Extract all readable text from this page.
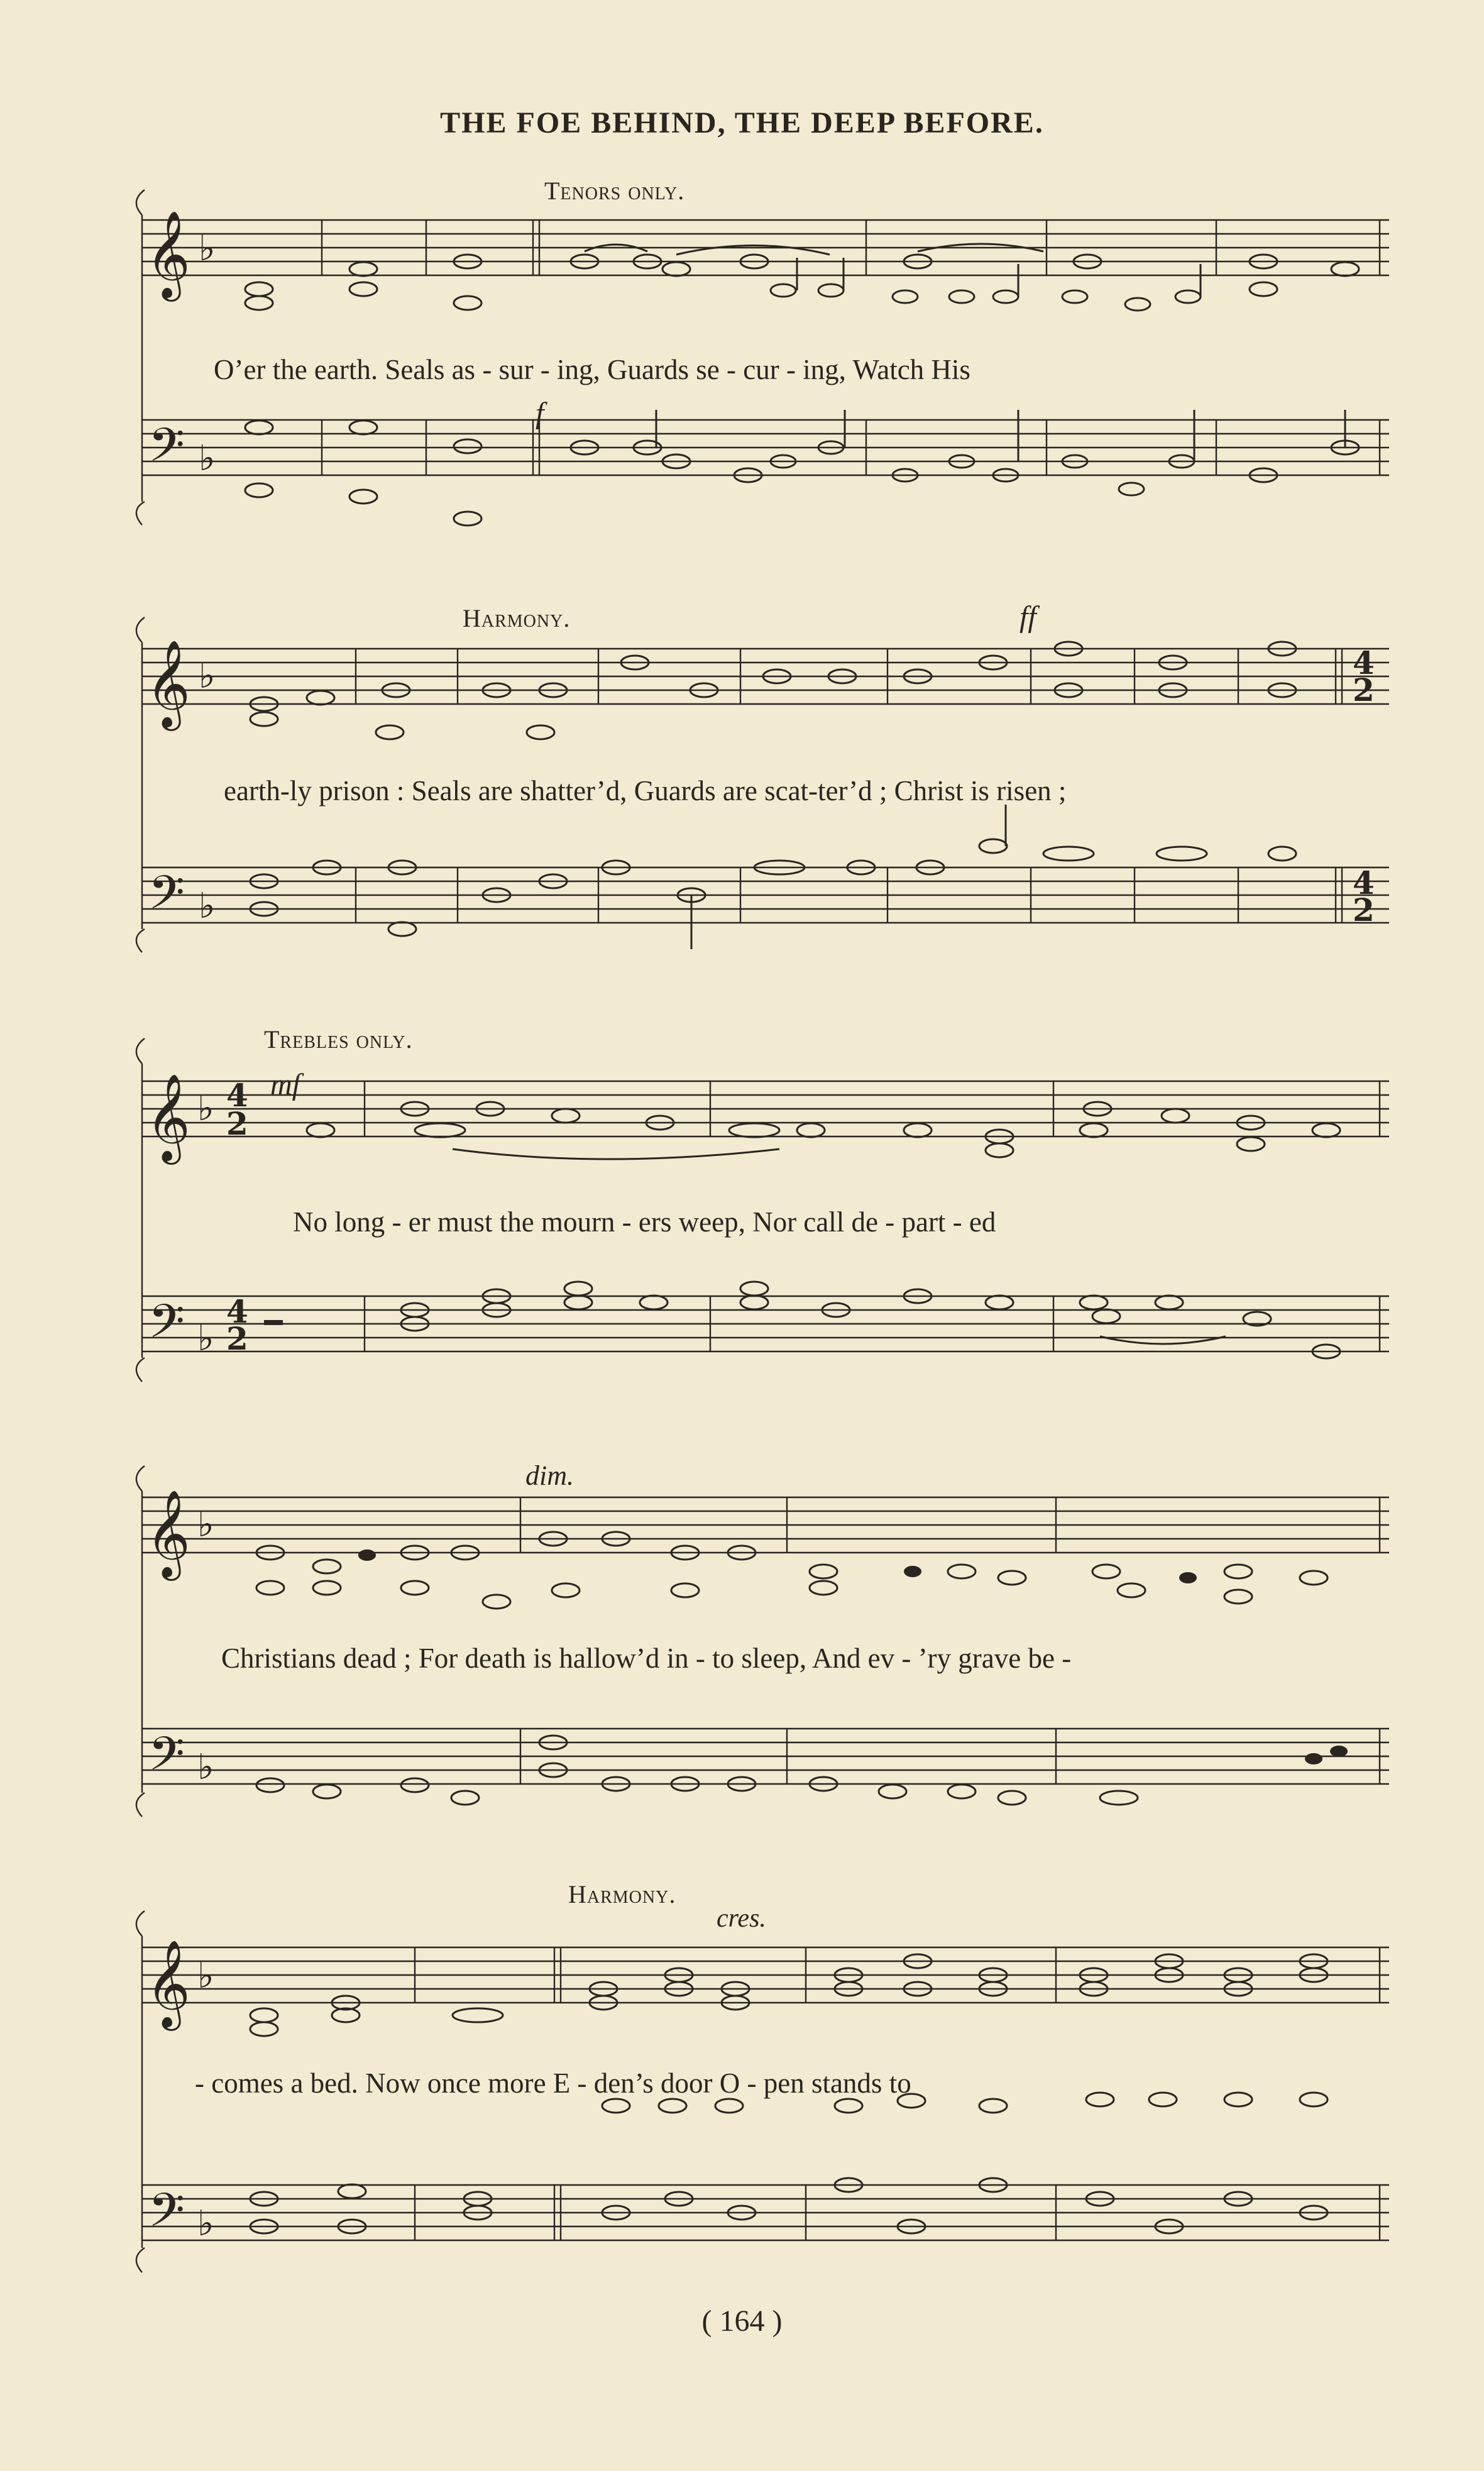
THE FOE BEHIND, THE DEEP BEFORE.
𝄞
𝄢
♭
♭
Tenors only.
f
O’er the earth. Seals as - sur - ing, Guards se - cur - ing, Watch His
𝄞
𝄢
♭
♭
4
2
4
2
Harmony.	ff
earth-ly prison : Seals are shatter’d, Guards are scat-ter’d ; Christ is risen ;
𝄞
𝄢
♭
♭
4
2
4
2
Trebles only.
mf
No long - er must the mourn - ers weep, Nor call de - part - ed
𝄞
𝄢
♭
♭
dim.
Christians dead ; For death is hallow’d in - to sleep, And ev - ’ry grave be -
𝄞
𝄢
♭
♭
Harmony.
cres.
- comes a bed. Now once more E - den’s door O - pen stands to
( 164 )
